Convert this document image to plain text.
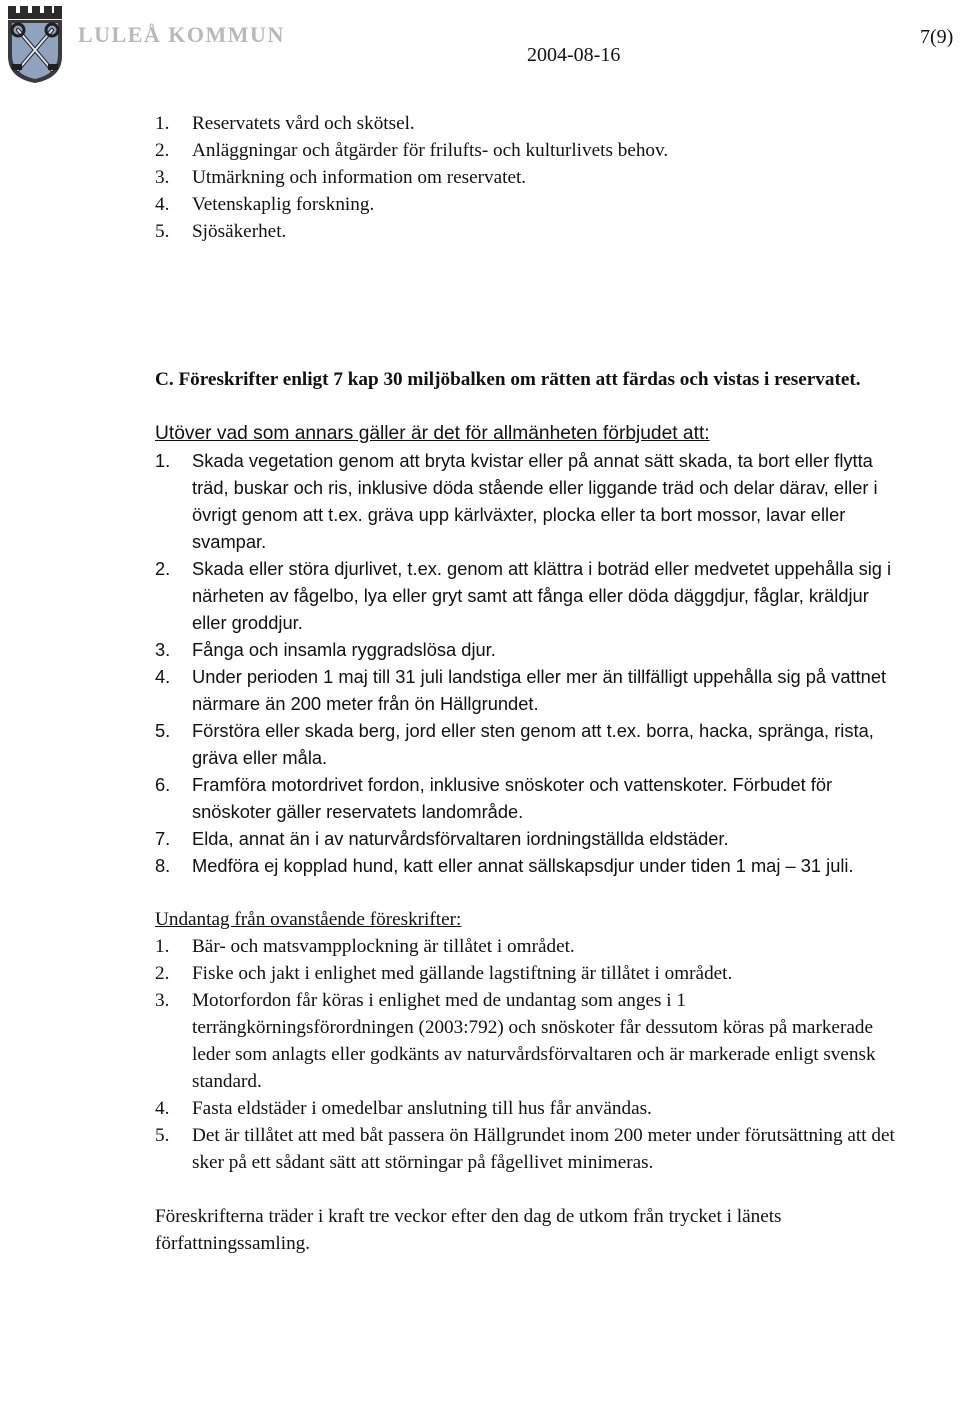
LULEÅ KOMMUN
2004-08-16
7(9)
1.	Reservatets vård och skötsel.
2.	Anläggningar och åtgärder för frilufts- och kulturlivets behov.
3.	Utmärkning och information om reservatet.
4.	Vetenskaplig forskning.
5.	Sjösäkerhet.
C. Föreskrifter enligt 7 kap 30 miljöbalken om rätten att färdas och vistas i reservatet.
Utöver vad som annars gäller är det för allmänheten förbjudet att:
1.	Skada vegetation genom att bryta kvistar eller på annat sätt skada, ta bort eller flytta träd, buskar och ris, inklusive döda stående eller liggande träd och delar därav, eller i övrigt genom att t.ex. gräva upp kärlväxter, plocka eller ta bort mossor, lavar eller svampar.
2.	Skada eller störa djurlivet, t.ex. genom att klättra i boträd eller medvetet uppehålla sig i närheten av fågelbo, lya eller gryt samt att fånga eller döda däggdjur, fåglar, kräldjur eller groddjur.
3.	Fånga och insamla ryggradslösa djur.
4.	Under perioden 1 maj till 31 juli landstiga eller mer än tillfälligt uppehålla sig på vattnet närmare än 200 meter från ön Hällgrundet.
5.	Förstöra eller skada berg, jord eller sten genom att t.ex. borra, hacka, spränga, rista, gräva eller måla.
6.	Framföra motordrivet fordon, inklusive snöskoter och vattenskoter. Förbudet för snöskoter gäller reservatets landområde.
7.	Elda, annat än i av naturvårdsförvaltaren iordningställda eldstäder.
8.	Medföra ej kopplad hund, katt eller annat sällskapsdjur under tiden 1 maj – 31 juli.
Undantag från ovanstående föreskrifter:
1.	Bär- och matsvampplockning är tillåtet i området.
2.	Fiske och jakt i enlighet med gällande lagstiftning är tillåtet i området.
3.	Motorfordon får köras i enlighet med de undantag som anges i 1 terrängkörningsförordningen (2003:792) och snöskoter får dessutom köras på markerade leder som anlagts eller godkänts av naturvårdsförvaltaren och är markerade enligt svensk standard.
4.	Fasta eldstäder i omedelbar anslutning till hus får användas.
5.	Det är tillåtet att med båt passera ön Hällgrundet inom 200 meter under förutsättning att det sker på ett sådant sätt att störningar på fågellivet minimeras.
Föreskrifterna träder i kraft tre veckor efter den dag de utkom från trycket i länets författningssamling.
